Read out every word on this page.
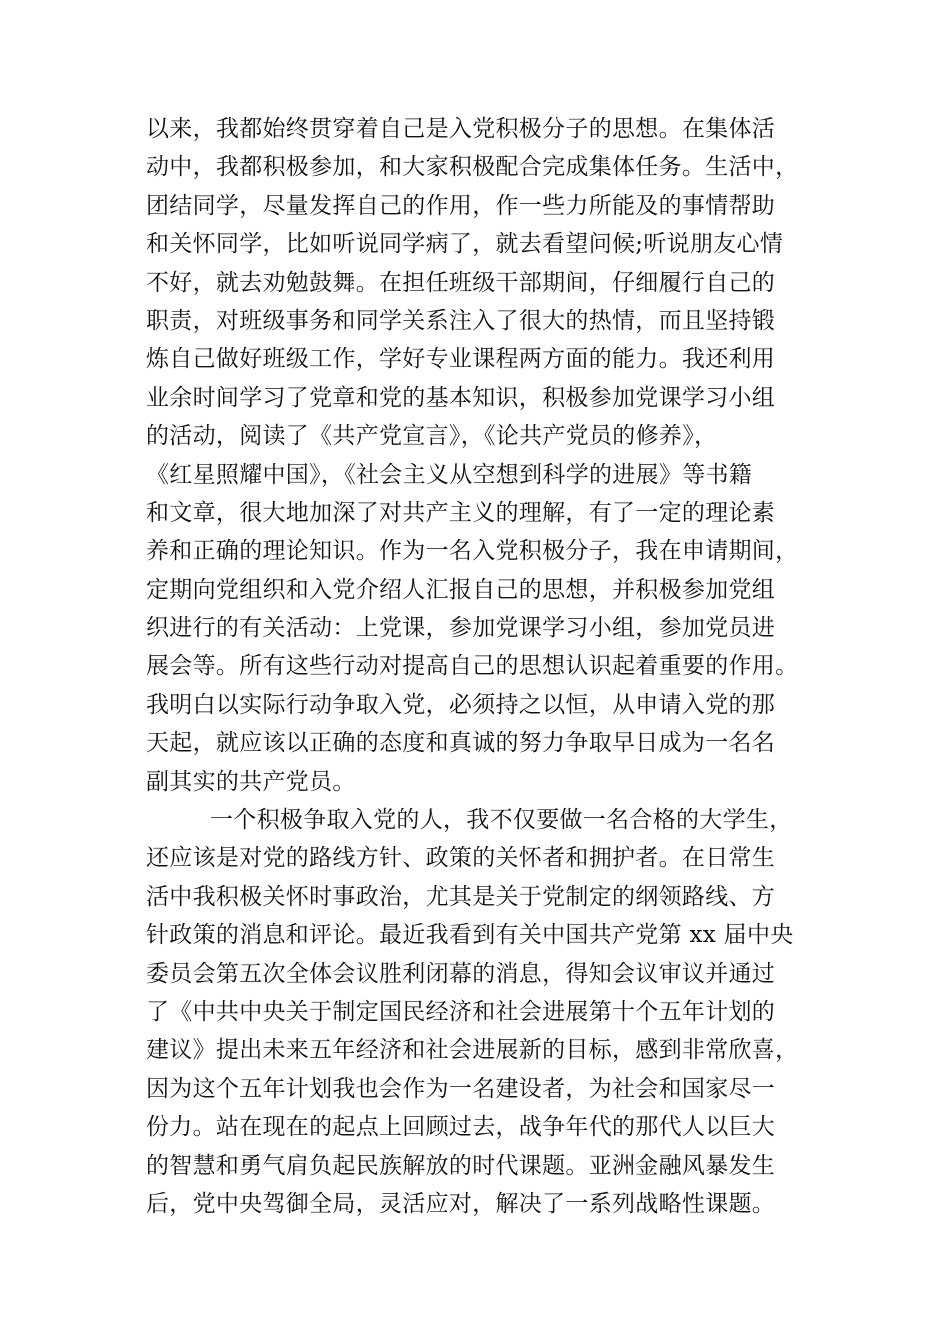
以来，我都始终贯穿着自己是入党积极分子的思想。在集体活
动中，我都积极参加，和大家积极配合完成集体任务。生活中，
团结同学，尽量发挥自己的作用，作一些力所能及的事情帮助
和关怀同学，比如听说同学病了，就去看望问候;听说朋友心情
不好，就去劝勉鼓舞。在担任班级干部期间，仔细履行自己的
职责，对班级事务和同学关系注入了很大的热情，而且坚持锻
炼自己做好班级工作，学好专业课程两方面的能力。我还利用
业余时间学习了党章和党的基本知识，积极参加党课学习小组
的活动，阅读了《共产党宣言》，《论共产党员的修养》，
《红星照耀中国》，《社会主义从空想到科学的进展》等书籍
和文章，很大地加深了对共产主义的理解，有了一定的理论素
养和正确的理论知识。作为一名入党积极分子，我在申请期间，
定期向党组织和入党介绍人汇报自己的思想，并积极参加党组
织进行的有关活动：上党课，参加党课学习小组，参加党员进
展会等。所有这些行动对提高自己的思想认识起着重要的作用。
我明白以实际行动争取入党，必须持之以恒，从申请入党的那
天起，就应该以正确的态度和真诚的努力争取早日成为一名名
副其实的共产党员。
一个积极争取入党的人，我不仅要做一名合格的大学生，
还应该是对党的路线方针、政策的关怀者和拥护者。在日常生
活中我积极关怀时事政治，尤其是关于党制定的纲领路线、方
针政策的消息和评论。最近我看到有关中国共产党第 xx 届中央
委员会第五次全体会议胜利闭幕的消息，得知会议审议并通过
了《中共中央关于制定国民经济和社会进展第十个五年计划的
建议》提出未来五年经济和社会进展新的目标，感到非常欣喜，
因为这个五年计划我也会作为一名建设者，为社会和国家尽一
份力。站在现在的起点上回顾过去，战争年代的那代人以巨大
的智慧和勇气肩负起民族解放的时代课题。亚洲金融风暴发生
后，党中央驾御全局，灵活应对，解决了一系列战略性课题。
